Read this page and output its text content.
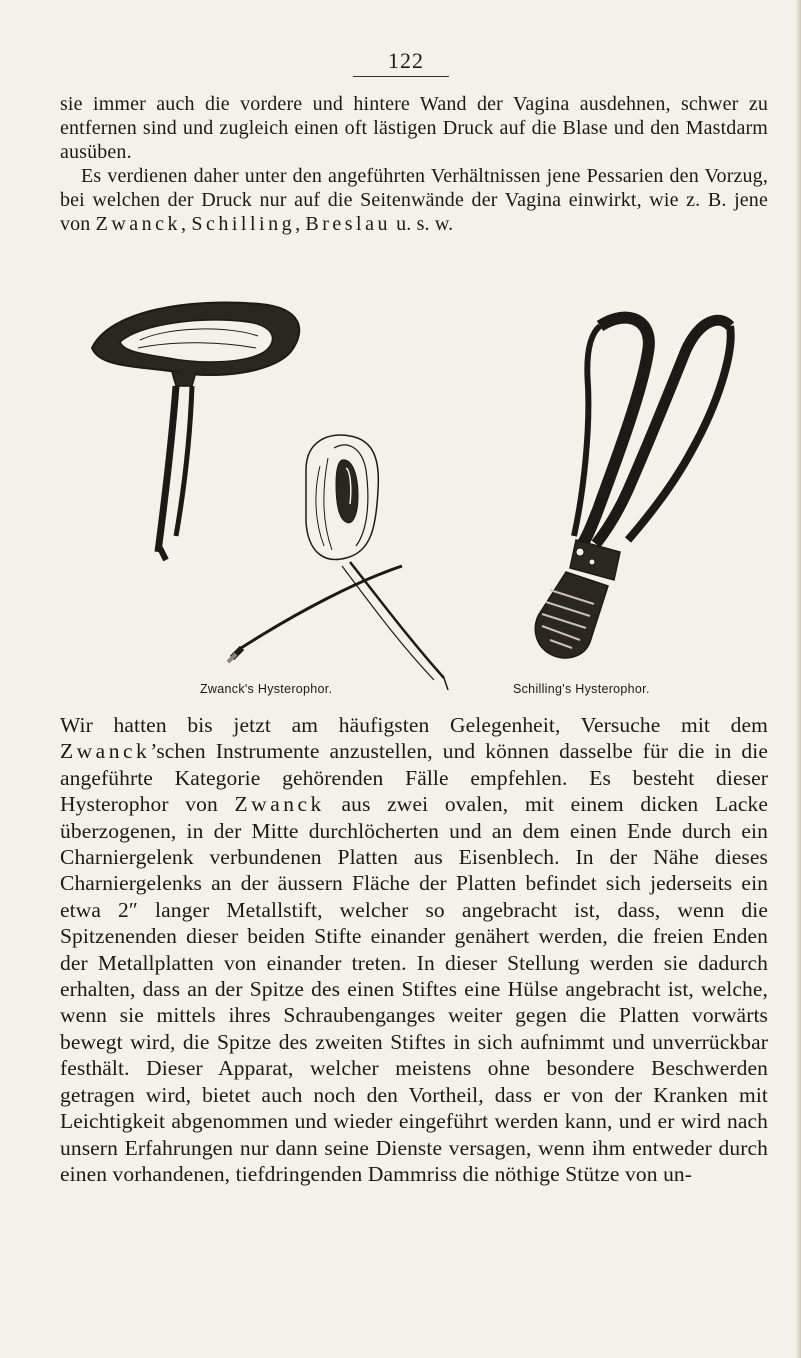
122

sie immer auch die vordere und hintere Wand der Vagina ausdehnen, schwer zu entfernen sind und zugleich einen oft lästigen Druck auf die Blase und den Mastdarm ausüben.

Es verdienen daher unter den angeführten Verhältnissen jene Pessarien den Vorzug, bei welchen der Druck nur auf die Seitenwände der Vagina einwirkt, wie z. B. jene von Zwanck, Schilling, Breslau u. s. w.

Zwanck's Hysterophor.	Schilling's Hysterophor.

Wir hatten bis jetzt am häufigsten Gelegenheit, Versuche mit dem Zwanck’schen Instrumente anzustellen, und können dasselbe für die in die angeführte Kategorie gehörenden Fälle empfehlen. Es besteht dieser Hysterophor von Zwanck aus zwei ovalen, mit einem dicken Lacke überzogenen, in der Mitte durchlöcherten und an dem einen Ende durch ein Charniergelenk verbundenen Platten aus Eisenblech. In der Nähe dieses Charniergelenks an der äussern Fläche der Platten befindet sich jederseits ein etwa 2″ langer Metallstift, welcher so angebracht ist, dass, wenn die Spitzenenden dieser beiden Stifte einander genähert werden, die freien Enden der Metallplatten von einander treten. In dieser Stellung werden sie dadurch erhalten, dass an der Spitze des einen Stiftes eine Hülse angebracht ist, welche, wenn sie mittels ihres Schraubenganges weiter gegen die Platten vorwärts bewegt wird, die Spitze des zweiten Stiftes in sich aufnimmt und unverrückbar festhält. Dieser Apparat, welcher meistens ohne besondere Beschwerden getragen wird, bietet auch noch den Vortheil, dass er von der Kranken mit Leichtigkeit abgenommen und wieder eingeführt werden kann, und er wird nach unsern Erfahrungen nur dann seine Dienste versagen, wenn ihm entweder durch einen vorhandenen, tiefdringenden Dammriss die nöthige Stütze von un-
